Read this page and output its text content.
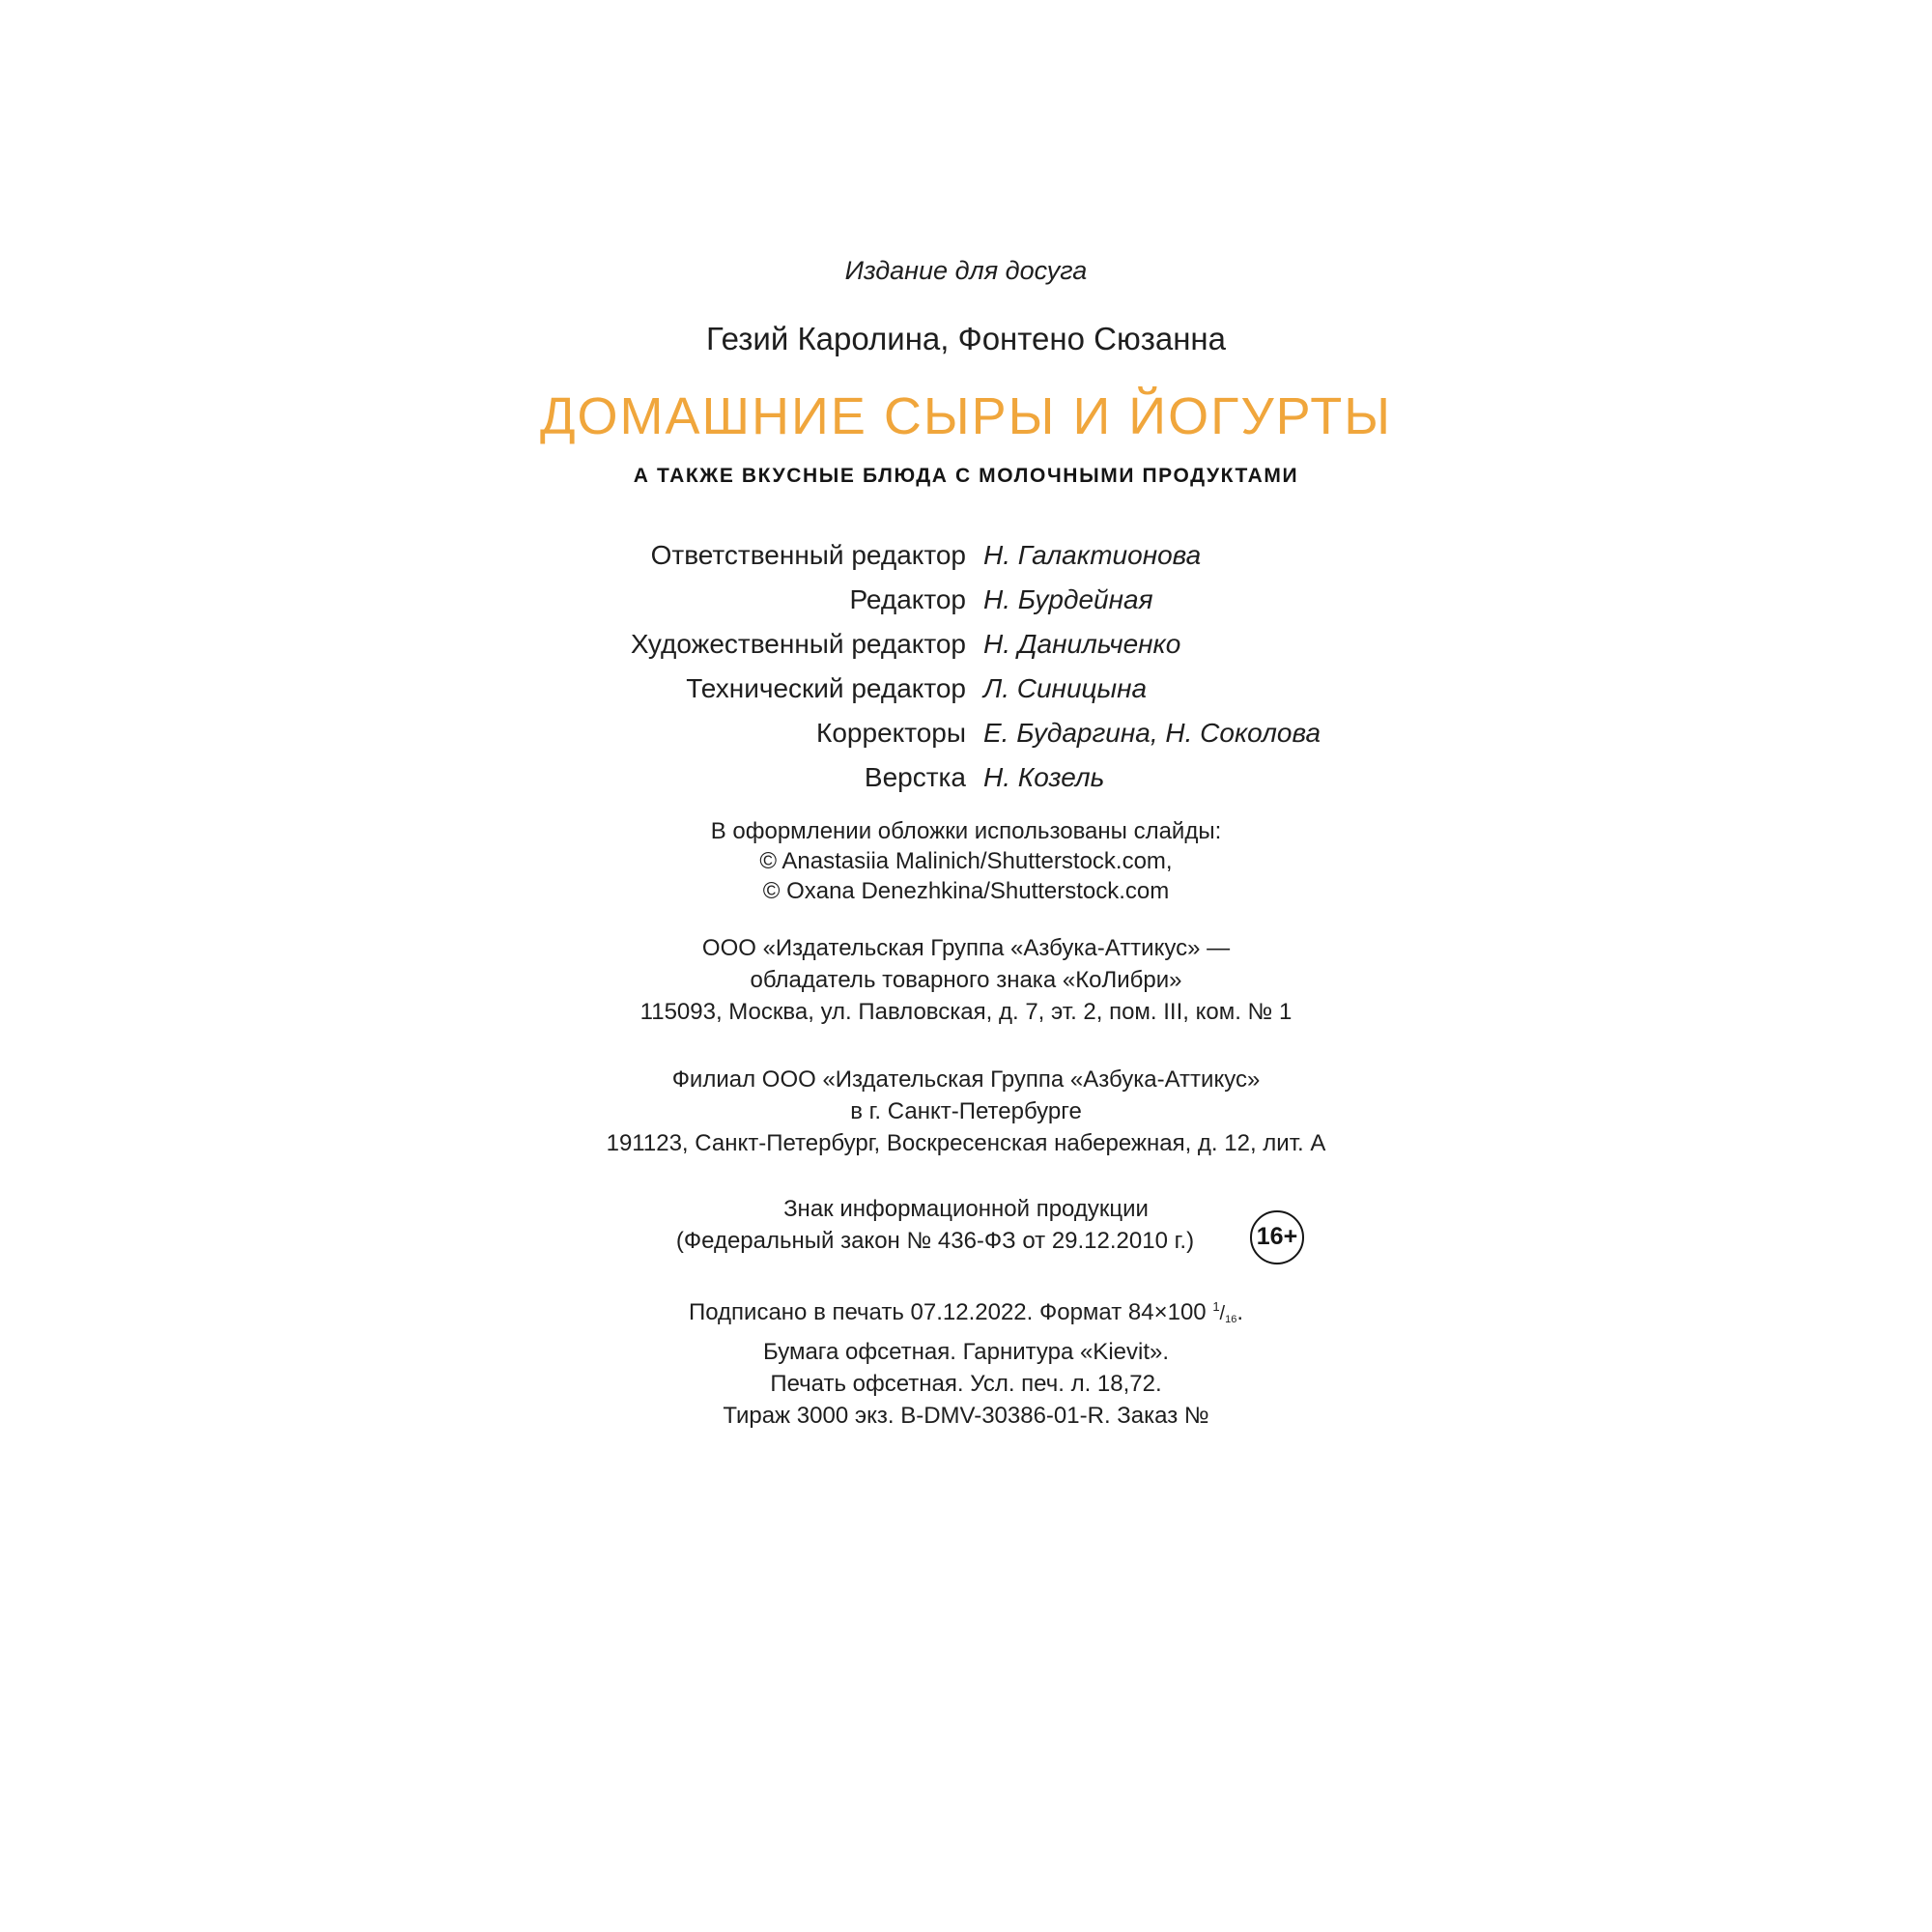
Издание для досуга
Гезий Каролина, Фонтено Сюзанна
ДОМАШНИЕ СЫРЫ И ЙОГУРТЫ
А ТАКЖЕ ВКУСНЫЕ БЛЮДА С МОЛОЧНЫМИ ПРОДУКТАМИ
Ответственный редактор Н. Галактионова
Редактор Н. Бурдейная
Художественный редактор Н. Данильченко
Технический редактор Л. Синицына
Корректоры Е. Бударгина, Н. Соколова
Верстка Н. Козель
В оформлении обложки использованы слайды:
© Anastasiia Malinich/Shutterstock.com,
© Oxana Denezhkina/Shutterstock.com
ООО «Издательская Группа «Азбука-Аттикус» —
обладатель товарного знака «КоЛибри»
115093, Москва, ул. Павловская, д. 7, эт. 2, пом. III, ком. № 1
Филиал ООО «Издательская Группа «Азбука-Аттикус»
в г. Санкт-Петербурге
191123, Санкт-Петербург, Воскресенская набережная, д. 12, лит. А
Знак информационной продукции
(Федеральный закон № 436-ФЗ от 29.12.2010 г.)	16+
Подписано в печать 07.12.2022. Формат 84×100 $^1$/16.
Бумага офсетная. Гарнитура «Kievit».
Печать офсетная. Усл. печ. л. 18,72.
Тираж 3000 экз. B-DMV-30386-01-R. Заказ №
